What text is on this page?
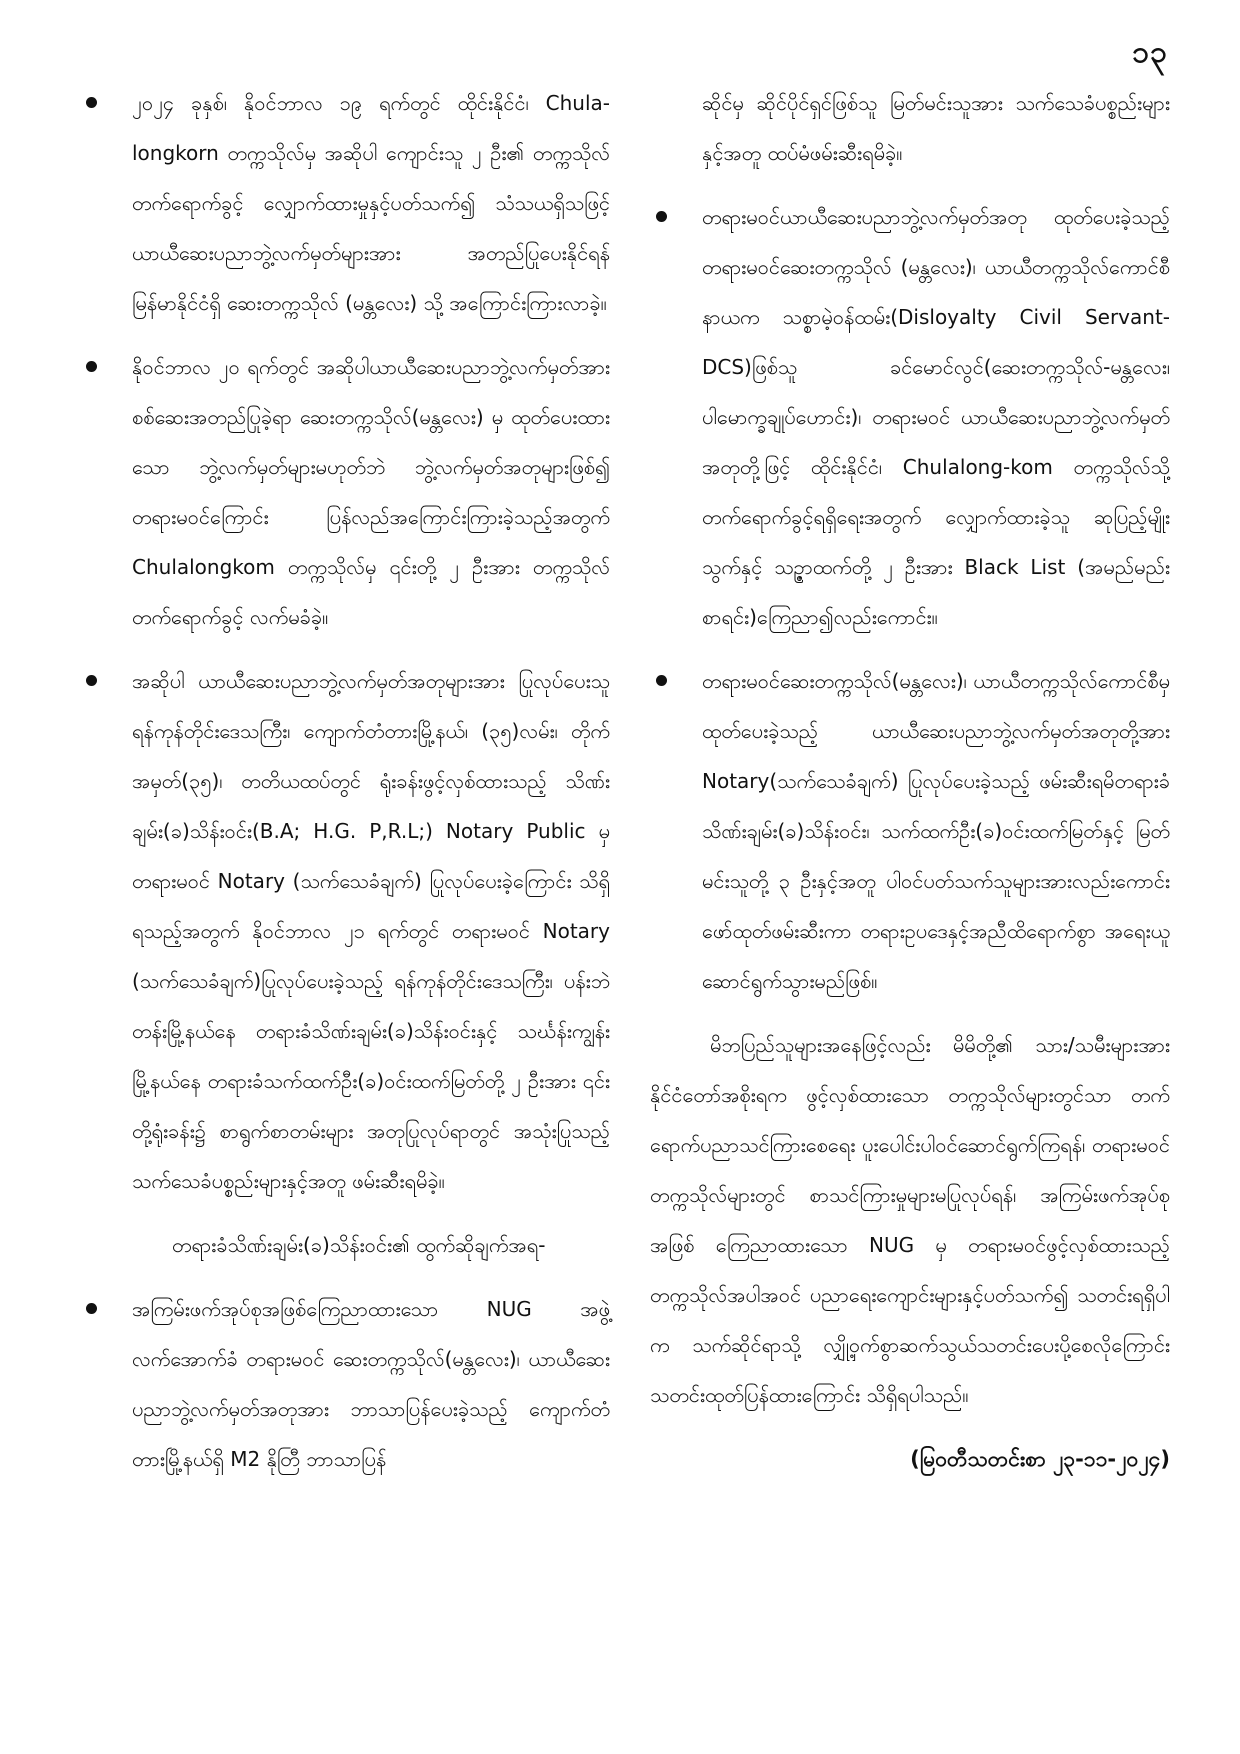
၁၃
၂၀၂၄ ခုနှစ်၊ နိုဝင်ဘာလ ၁၉ ရက်တွင် ထိုင်းနိုင်ငံ၊ Chula-longkorn တက္ကသိုလ်မှ အဆိုပါ ကျောင်းသူ ၂ ဦး၏ တက္ကသိုလ်တက်ရောက်ခွင့် လျှောက်ထားမှုနှင့်ပတ်သက်၍ သံသယရှိသဖြင့် ယာယီဆေးပညာဘွဲ့လက်မှတ်များအား အတည်ပြုပေးနိုင်ရန် မြန်မာနိုင်ငံရှိ ဆေးတက္ကသိုလ် (မန္တလေး) သို့ အကြောင်းကြားလာခဲ့။
နိုဝင်ဘာလ ၂၀ ရက်တွင် အဆိုပါယာယီဆေးပညာဘွဲ့လက်မှတ်အား စစ်ဆေးအတည်ပြုခဲ့ရာ ဆေးတက္ကသိုလ်(မန္တလေး) မှ ထုတ်ပေးထားသော ဘွဲ့လက်မှတ်များမဟုတ်ဘဲ ဘွဲ့လက်မှတ်အတုများဖြစ်၍ တရားမဝင်ကြောင်း ပြန်လည်အကြောင်းကြားခဲ့သည့်အတွက် Chulalongkom တက္ကသိုလ်မှ ၎င်းတို့ ၂ ဦးအား တက္ကသိုလ်တက်ရောက်ခွင့် လက်မခံခဲ့။
အဆိုပါ ယာယီဆေးပညာဘွဲ့လက်မှတ်အတုများအား ပြုလုပ်ပေးသူ ရန်ကုန်တိုင်းဒေသကြီး၊ ကျောက်တံတားမြို့နယ်၊ (၃၅)လမ်း၊ တိုက်အမှတ်(၃၅)၊ တတိယထပ်တွင် ရုံးခန်းဖွင့်လှစ်ထားသည့် သိဏ်းချမ်း(ခ)သိန်းဝင်း(B.A; H.G. P,R.L;) Notary Public မှ တရားမဝင် Notary (သက်သေခံချက်) ပြုလုပ်ပေးခဲ့ကြောင်း သိရှိရသည့်အတွက် နိုဝင်ဘာလ ၂၁ ရက်တွင် တရားမဝင် Notary (သက်သေခံချက်)ပြုလုပ်ပေးခဲ့သည့် ရန်ကုန်တိုင်းဒေသကြီး၊ ပန်းဘဲတန်းမြို့နယ်နေ တရားခံသိဏ်းချမ်း(ခ)သိန်းဝင်းနှင့် သင်္ဃန်းကျွန်းမြို့နယ်နေ တရားခံသက်ထက်ဦး(ခ)ဝင်းထက်မြတ်တို့ ၂ ဦးအား ၎င်းတို့ရုံးခန်း၌ စာရွက်စာတမ်းများ အတုပြုလုပ်ရာတွင် အသုံးပြုသည့် သက်သေခံပစ္စည်းများနှင့်အတူ ဖမ်းဆီးရမိခဲ့။

တရားခံသိဏ်းချမ်း(ခ)သိန်းဝင်း၏ ထွက်ဆိုချက်အရ-

အကြမ်းဖက်အုပ်စုအဖြစ်ကြေညာထားသော NUG အဖွဲ့လက်အောက်ခံ တရားမဝင် ဆေးတက္ကသိုလ်(မန္တလေး)၊ ယာယီဆေးပညာဘွဲ့လက်မှတ်အတုအား ဘာသာပြန်ပေးခဲ့သည့် ကျောက်တံတားမြို့နယ်ရှိ M2 နိုတြီ ဘာသာပြန်

ဆိုင်မှ ဆိုင်ပိုင်ရှင်ဖြစ်သူ မြတ်မင်းသူအား သက်သေခံပစ္စည်းများနှင့်အတူ ထပ်မံဖမ်းဆီးရမိခဲ့။

တရားမဝင်ယာယီဆေးပညာဘွဲ့လက်မှတ်အတု ထုတ်ပေးခဲ့သည့် တရားမဝင်ဆေးတက္ကသိုလ် (မန္တလေး)၊ ယာယီတက္ကသိုလ်ကောင်စီနာယက သစ္စာမဲ့ဝန်ထမ်း(Disloyalty Civil Servant-DCS)ဖြစ်သူ ခင်မောင်လွင်(ဆေးတက္ကသိုလ်-မန္တလေး၊ ပါမောက္ခချုပ်ဟောင်း)၊ တရားမဝင် ယာယီဆေးပညာဘွဲ့လက်မှတ်အတုတို့ဖြင့် ထိုင်းနိုင်ငံ၊ Chulalong-kom တက္ကသိုလ်သို့ တက်ရောက်ခွင့်ရရှိရေးအတွက် လျှောက်ထားခဲ့သူ ဆုပြည့်မျိုးသွက်နှင့် သဥ္ဇာထက်တို့ ၂ ဦးအား Black List (အမည်မည်းစာရင်း)ကြေညာ၍လည်းကောင်း။
တရားမဝင်ဆေးတက္ကသိုလ်(မန္တလေး)၊ ယာယီတက္ကသိုလ်ကောင်စီမှထုတ်ပေးခဲ့သည့် ယာယီဆေးပညာဘွဲ့လက်မှတ်အတုတို့အား Notary(သက်သေခံချက်) ပြုလုပ်ပေးခဲ့သည့် ဖမ်းဆီးရမိတရားခံသိဏ်းချမ်း(ခ)သိန်းဝင်း၊ သက်ထက်ဦး(ခ)ဝင်းထက်မြတ်နှင့် မြတ်မင်းသူတို့ ၃ ဦးနှင့်အတူ ပါဝင်ပတ်သက်သူများအားလည်းကောင်း ဖော်ထုတ်ဖမ်းဆီးကာ တရားဥပဒေနှင့်အညီထိရောက်စွာ အရေးယူဆောင်ရွက်သွားမည်ဖြစ်။

မိဘပြည်သူများအနေဖြင့်လည်း မိမိတို့၏ သား/သမီးများအား နိုင်ငံတော်အစိုးရက ဖွင့်လှစ်ထားသော တက္ကသိုလ်များတွင်သာ တက်ရောက်ပညာသင်ကြားစေရေး ပူးပေါင်းပါဝင်ဆောင်ရွက်ကြရန်၊ တရားမဝင်တက္ကသိုလ်များတွင် စာသင်ကြားမှုများမပြုလုပ်ရန်၊ အကြမ်းဖက်အုပ်စုအဖြစ် ကြေညာထားသော NUG မှ တရားမဝင်ဖွင့်လှစ်ထားသည့် တက္ကသိုလ်အပါအဝင် ပညာရေးကျောင်းများနှင့်ပတ်သက်၍ သတင်းရရှိပါက သက်ဆိုင်ရာသို့ လျှို့ဝှက်စွာဆက်သွယ်သတင်းပေးပို့စေလိုကြောင်း သတင်းထုတ်ပြန်ထားကြောင်း သိရှိရပါသည်။

(မြဝတီသတင်းစာ ၂၃-၁၁-၂၀၂၄)
